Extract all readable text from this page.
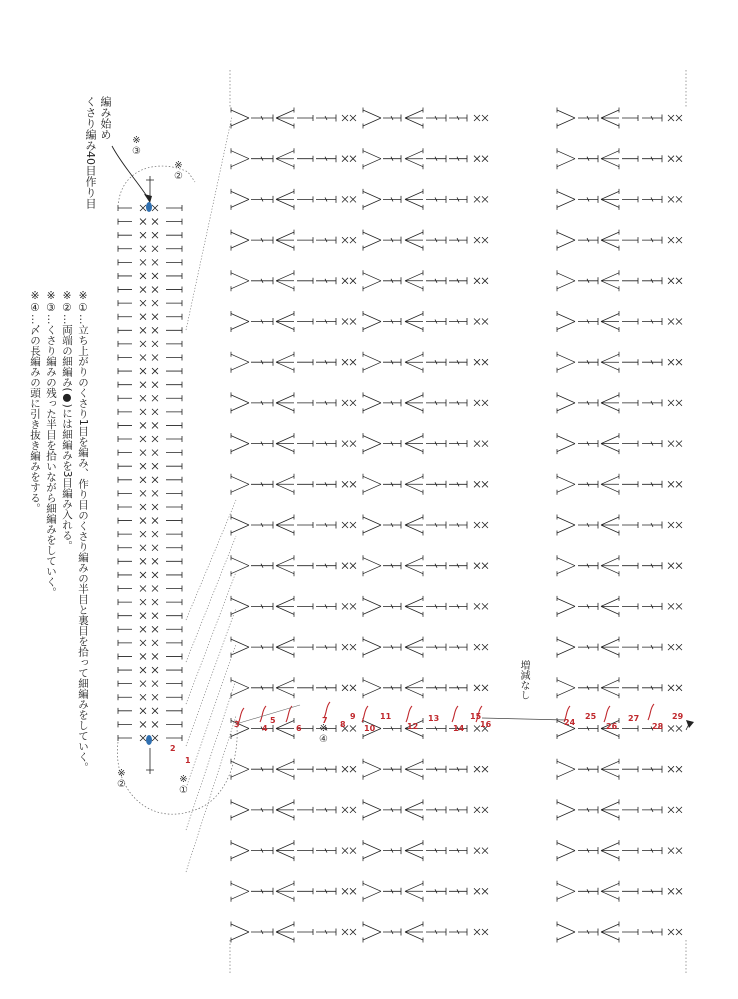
編み始め
くさり編み40目作り目	※③
※②
※①
※②
※④
増減なし
※①…立ち上がりのくさり1目を編み、作り目のくさり編みの半目と裏目を拾って細編みをしていく。
※②…両端の細編み(●)には細編みを3目編み入れる。
※③…くさり編みの残った半目を拾いながら細編みをしていく。
※④…〆の長編みの頭に引き抜き編みをする。
1
2
3	4
5
6
7 8
9
10
11
12
13
14
15
16	24
25
26
27
28
29
